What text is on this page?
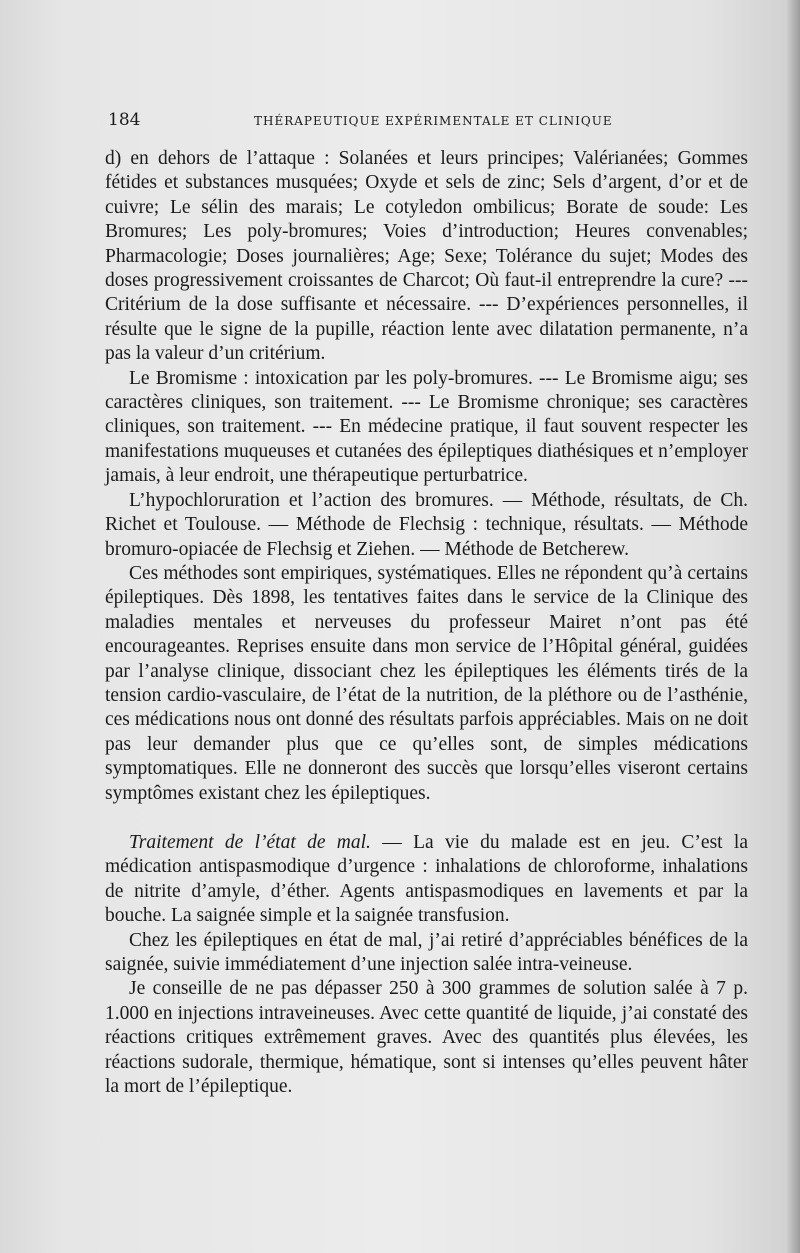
184	THÉRAPEUTIQUE EXPÉRIMENTALE ET CLINIQUE

d) en dehors de l’attaque : Solanées et leurs principes; Valérianées; Gommes fétides et substances musquées; Oxyde et sels de zinc; Sels d’argent, d’or et de cuivre; Le sélin des marais; Le cotyledon ombilicus; Borate de soude: Les Bromures; Les poly-bromures; Voies d’introduction; Heures convenables; Pharmacologie; Doses journalières; Age; Sexe; Tolérance du sujet; Modes des doses progressivement croissantes de Charcot; Où faut-il entreprendre la cure? --- Critérium de la dose suffisante et nécessaire. --- D’expériences personnelles, il résulte que le signe de la pupille, réaction lente avec dilatation permanente, n’a pas la valeur d’un critérium.

Le Bromisme : intoxication par les poly-bromures. --- Le Bromisme aigu; ses caractères cliniques, son traitement. --- Le Bromisme chronique; ses caractères cliniques, son traitement. --- En médecine pratique, il faut souvent respecter les manifestations muqueuses et cutanées des épileptiques diathésiques et n’employer jamais, à leur endroit, une thérapeutique perturbatrice.

L’hypochloruration et l’action des bromures. — Méthode, résultats, de Ch. Richet et Toulouse. — Méthode de Flechsig : technique, résultats. — Méthode bromuro-opiacée de Flechsig et Ziehen. — Méthode de Betcherew.

Ces méthodes sont empiriques, systématiques. Elles ne répondent qu’à certains épileptiques. Dès 1898, les tentatives faites dans le service de la Clinique des maladies mentales et nerveuses du professeur Mairet n’ont pas été encourageantes. Reprises ensuite dans mon service de l’Hôpital général, guidées par l’analyse clinique, dissociant chez les épileptiques les éléments tirés de la tension cardio-vasculaire, de l’état de la nutrition, de la pléthore ou de l’asthénie, ces médications nous ont donné des résultats parfois appréciables. Mais on ne doit pas leur demander plus que ce qu’elles sont, de simples médications symptomatiques. Elle ne donneront des succès que lorsqu’elles viseront certains symptômes existant chez les épileptiques.

Traitement de l’état de mal. — La vie du malade est en jeu. C’est la médication antispasmodique d’urgence : inhalations de chloroforme, inhalations de nitrite d’amyle, d’éther. Agents antispasmodiques en lavements et par la bouche. La saignée simple et la saignée transfusion.

Chez les épileptiques en état de mal, j’ai retiré d’appréciables bénéfices de la saignée, suivie immédiatement d’une injection salée intra-veineuse.

Je conseille de ne pas dépasser 250 à 300 grammes de solution salée à 7 p. 1.000 en injections intraveineuses. Avec cette quantité de liquide, j’ai constaté des réactions critiques extrêmement graves. Avec des quantités plus élevées, les réactions sudorale, thermique, hématique, sont si intenses qu’elles peuvent hâter la mort de l’épileptique.
